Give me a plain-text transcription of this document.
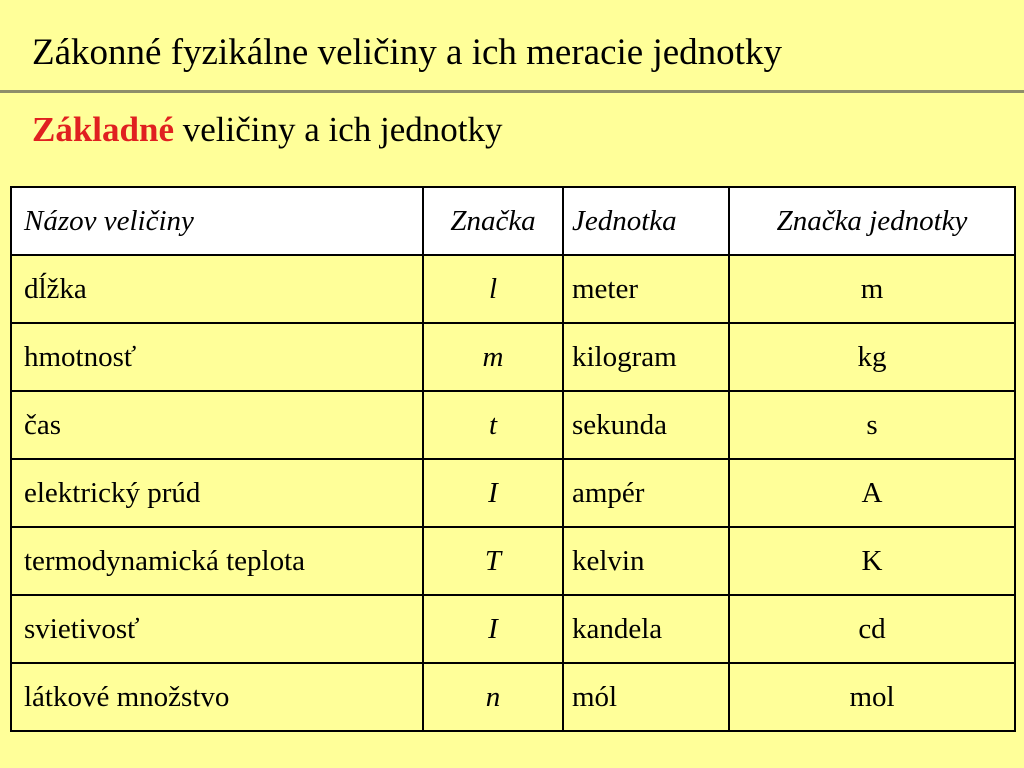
Zákonné fyzikálne veličiny a ich meracie jednotky
Základné veličiny a ich jednotky
Názov veličiny	Značka	Jednotka	Značka jednotky
dĺžka	l	meter	m
hmotnosť	m	kilogram	kg
čas	t	sekunda	s
elektrický prúd	I	ampér	A
termodynamická teplota	T	kelvin	K
svietivosť	I	kandela	cd
látkové množstvo	n	mól	mol
